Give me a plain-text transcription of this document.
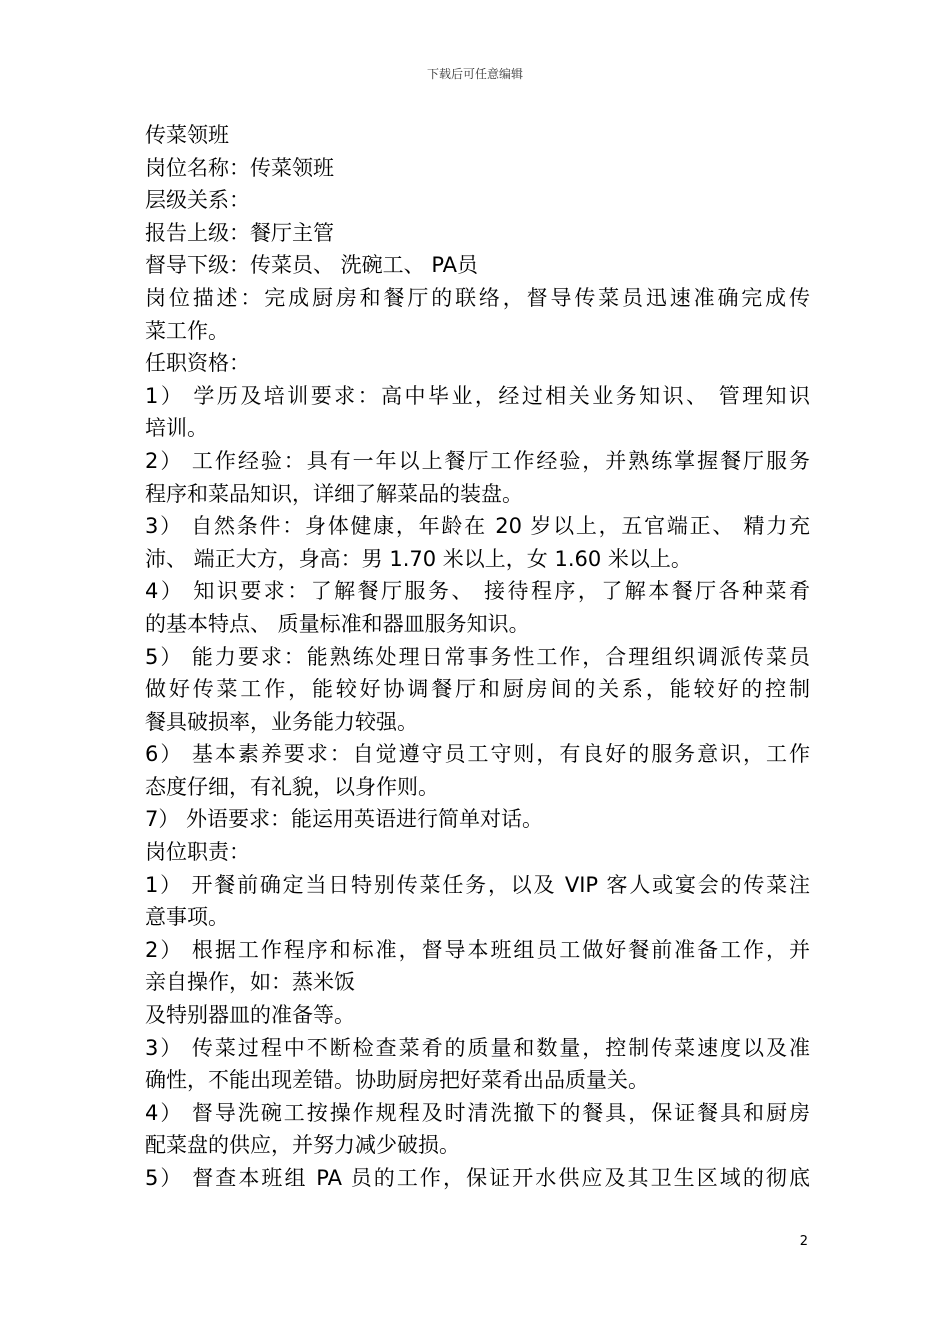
下载后可任意编辑
传菜领班
岗位名称：传菜领班
层级关系：
报告上级：餐厅主管
督导下级：传菜员、 洗碗工、 PA员
岗位描述：完成厨房和餐厅的联络，督导传菜员迅速准确完成传
菜工作。
任职资格：
1） 学历及培训要求：高中毕业，经过相关业务知识、 管理知识
培训。
2） 工作经验：具有一年以上餐厅工作经验，并熟练掌握餐厅服务
程序和菜品知识，详细了解菜品的装盘。
3） 自然条件：身体健康，年龄在 20 岁以上，五官端正、 精力充
沛、 端正大方，身高：男 1.70 米以上，女 1.60 米以上。
4） 知识要求：了解餐厅服务、 接待程序，了解本餐厅各种菜肴
的基本特点、 质量标准和器皿服务知识。
5） 能力要求：能熟练处理日常事务性工作，合理组织调派传菜员
做好传菜工作，能较好协调餐厅和厨房间的关系，能较好的控制
餐具破损率，业务能力较强。
6） 基本素养要求：自觉遵守员工守则，有良好的服务意识，工作
态度仔细，有礼貌，以身作则。
7） 外语要求：能运用英语进行简单对话。
岗位职责：
1） 开餐前确定当日特别传菜任务，以及 VIP 客人或宴会的传菜注
意事项。
2） 根据工作程序和标准，督导本班组员工做好餐前准备工作，并
亲自操作，如：蒸米饭
及特别器皿的准备等。
3） 传菜过程中不断检查菜肴的质量和数量，控制传菜速度以及准
确性，不能出现差错。协助厨房把好菜肴出品质量关。
4） 督导洗碗工按操作规程及时清洗撤下的餐具，保证餐具和厨房
配菜盘的供应，并努力减少破损。
5） 督查本班组 PA 员的工作，保证开水供应及其卫生区域的彻底
2
